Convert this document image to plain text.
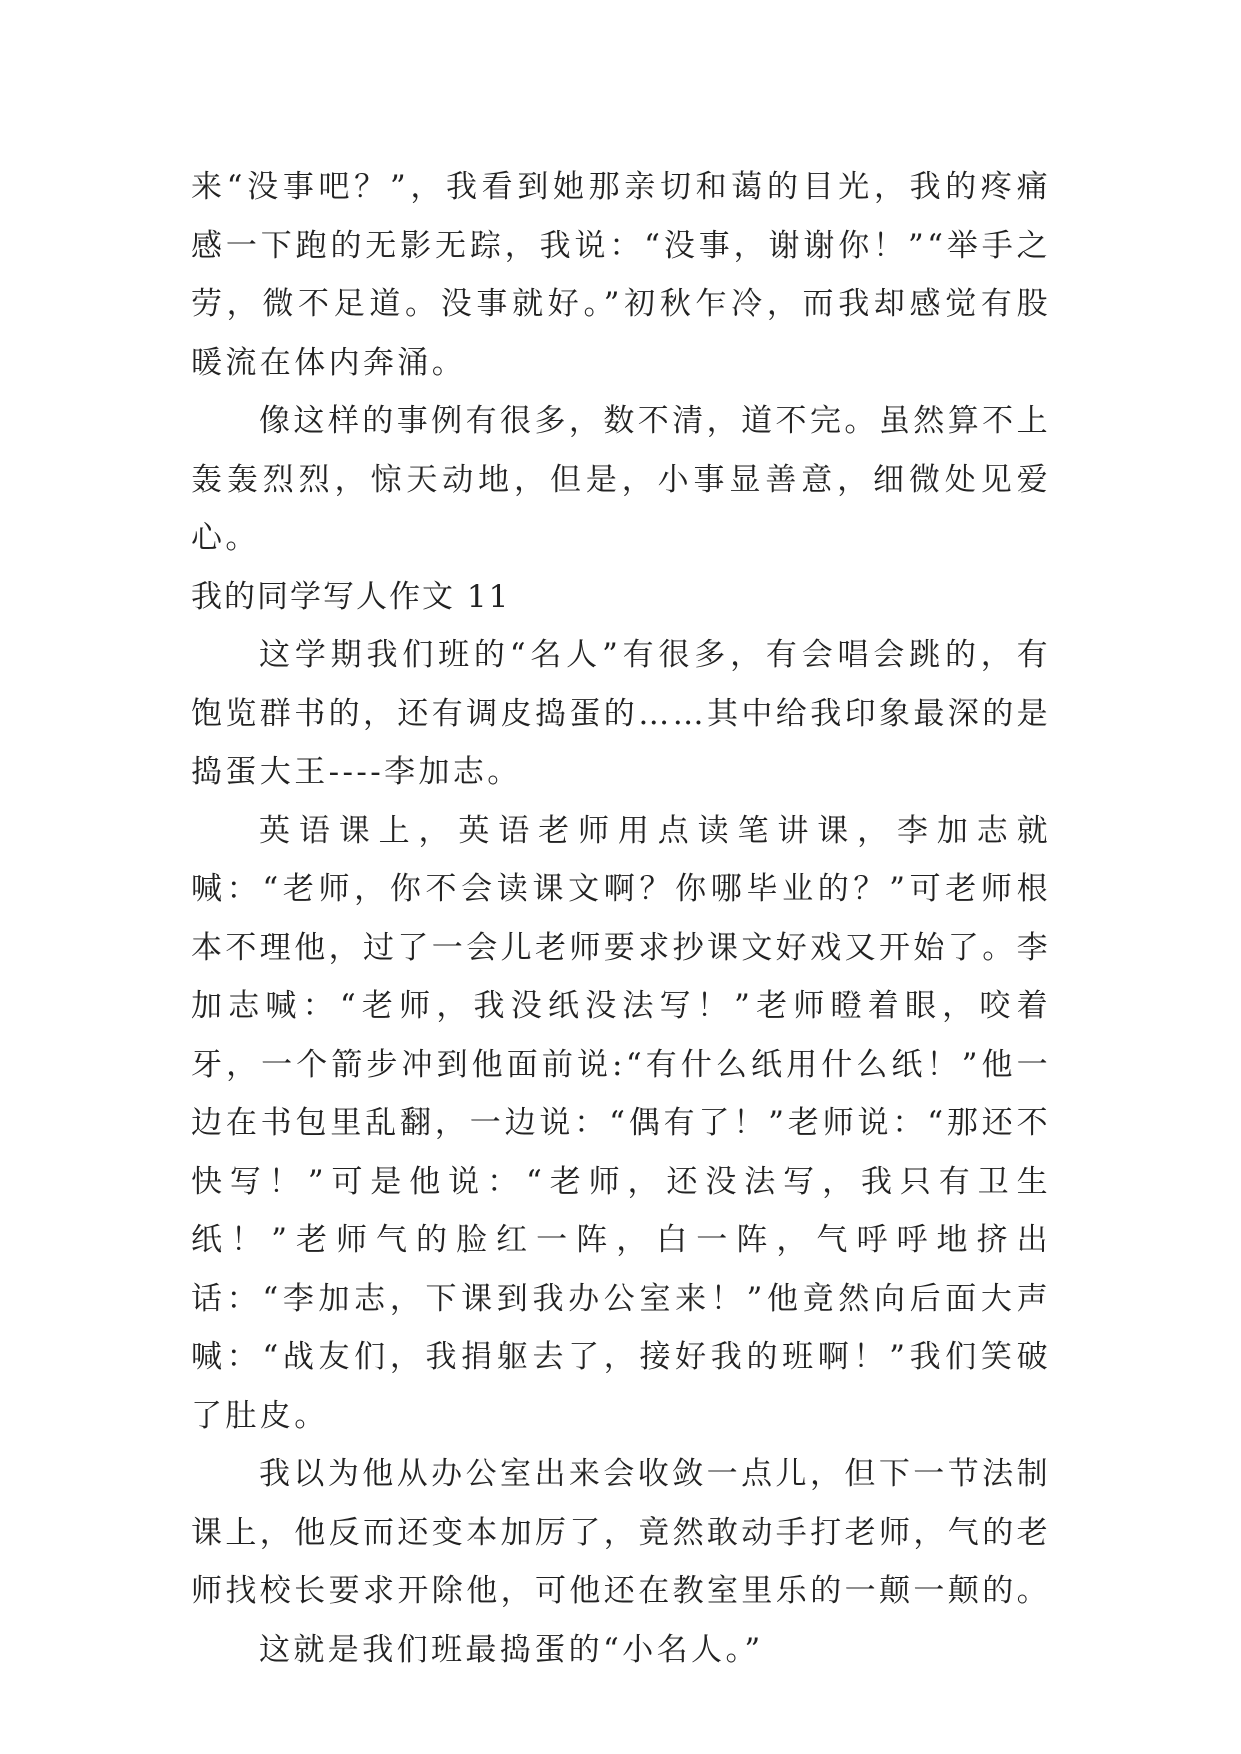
来“没事吧？”，我看到她那亲切和蔼的目光，我的疼痛感一下跑的无影无踪，我说：“没事，谢谢你！”“举手之劳，微不足道。没事就好。”初秋乍冷，而我却感觉有股暖流在体内奔涌。

像这样的事例有很多，数不清，道不完。虽然算不上轰轰烈烈，惊天动地，但是，小事显善意，细微处见爱心。

我的同学写人作文 11

这学期我们班的“名人”有很多，有会唱会跳的，有饱览群书的，还有调皮捣蛋的……其中给我印象最深的是捣蛋大王----李加志。

英语课上，英语老师用点读笔讲课，李加志就喊：“老师，你不会读课文啊？你哪毕业的？”可老师根本不理他，过了一会儿老师要求抄课文好戏又开始了。李加志喊：“老师，我没纸没法写！”老师瞪着眼，咬着牙，一个箭步冲到他面前说:“有什么纸用什么纸！”他一边在书包里乱翻，一边说：“偶有了！”老师说：“那还不快写！”可是他说：“老师，还没法写，我只有卫生纸！”老师气的脸红一阵，白一阵，气呼呼地挤出话：“李加志，下课到我办公室来！”他竟然向后面大声喊：“战友们，我捐躯去了，接好我的班啊！”我们笑破了肚皮。

我以为他从办公室出来会收敛一点儿，但下一节法制课上，他反而还变本加厉了，竟然敢动手打老师，气的老师找校长要求开除他，可他还在教室里乐的一颠一颠的。

这就是我们班最捣蛋的“小名人。”
